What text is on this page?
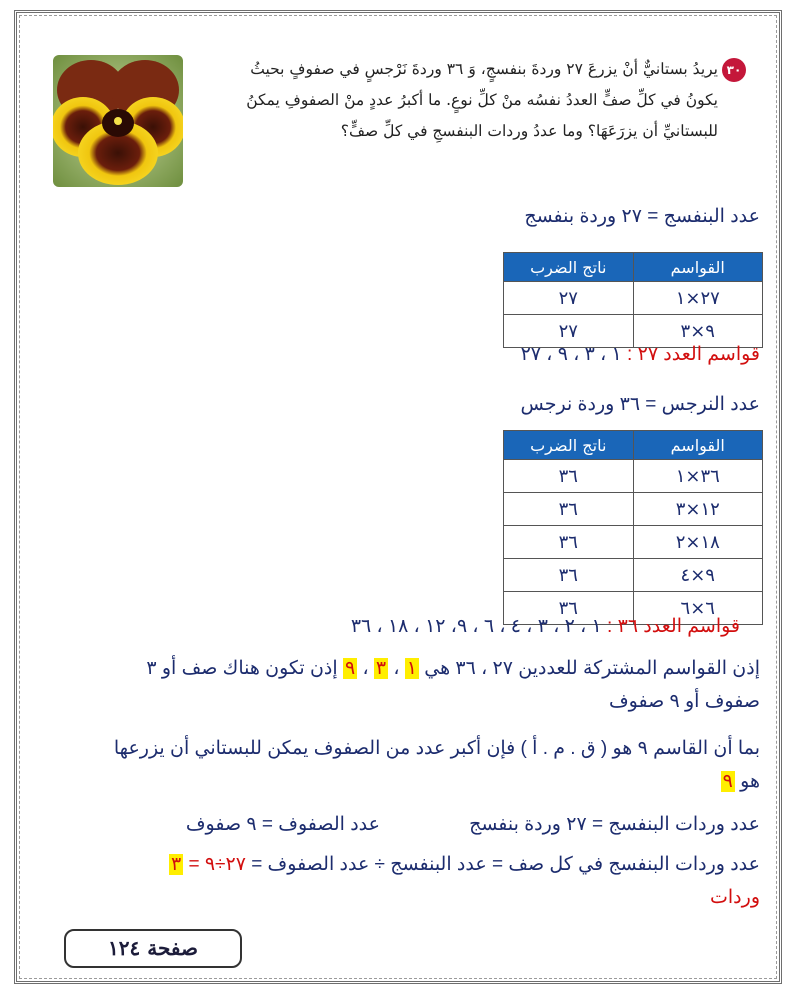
٣٠
يريدُ بستانيٌّ أنْ يزرعَ ٢٧ وردةَ بنفسجٍ، وَ ٣٦ وردةَ نَرْجسٍ في صفوفٍ بحيثُ
يكونُ في كلِّ صفٍّ العددُ نفسُه منْ كلِّ نوعٍ. ما أكبرُ عددٍ منْ الصفوفِ يمكنُ
للبستانيِّ أن يزرَعَهَا؟ وما عددُ وردات البنفسجِ في كلِّ صفٍّ؟
عدد البنفسج = ٢٧ وردة بنفسج
ناتج الضرب	القواسم
٢٧	٢٧×١
٢٧	٩×٣
قواسم العدد ٢٧ : ١ ، ٣ ، ٩ ، ٢٧
عدد النرجس = ٣٦ وردة نرجس
ناتج الضرب	القواسم
٣٦	٣٦×١
٣٦	١٢×٣
٣٦	١٨×٢
٣٦	٩×٤
٣٦	٦×٦
قواسم العدد ٣٦ : ١ ، ٢ ، ٣ ، ٤ ، ٦ ، ٩، ١٢ ، ١٨ ، ٣٦
إذن القواسم المشتركة للعددين ٢٧ ، ٣٦ هي ١ ، ٣ ، ٩ إذن تكون هناك صف أو ٣
صفوف أو ٩ صفوف
بما أن القاسم ٩ هو ( ق . م . أ ) فإن أكبر عدد من الصفوف يمكن للبستاني أن يزرعها
هو ٩
عدد وردات البنفسج = ٢٧ وردة بنفسج
عدد الصفوف = ٩ صفوف
عدد وردات البنفسج في كل صف = عدد البنفسج ÷ عدد الصفوف = ٢٧÷٩ = ٣
وردات
صفحة ١٢٤
